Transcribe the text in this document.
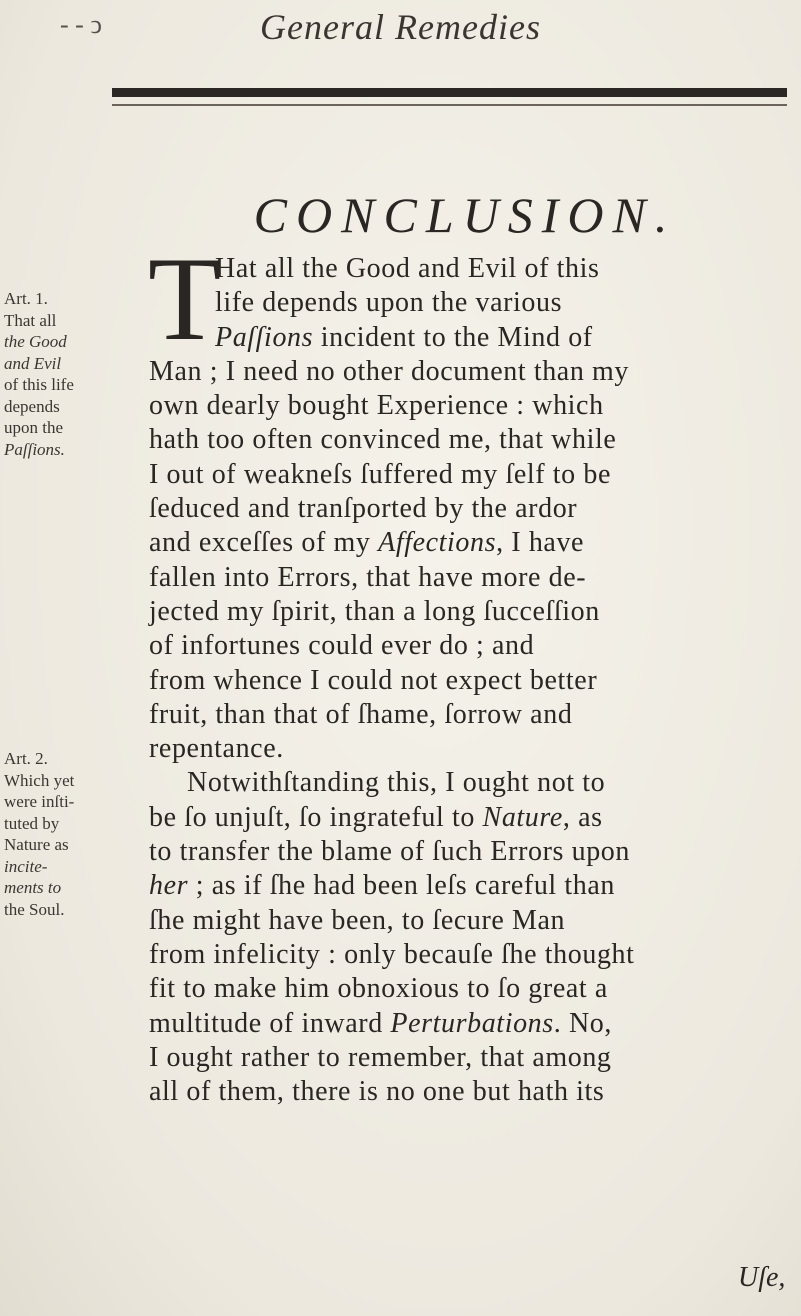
- - ↄ	General Remedies
CONCLUSION.
T
Hat all the Good and Evil of this
life depends upon the various
Paſſions incident to the Mind of
Man ; I need no other document than my
own dearly bought Experience : which
hath too often convinced me, that while
I out of weakneſs ſuffered my ſelf to be
ſeduced and tranſported by the ardor
and exceſſes of my Affections, I have
fallen into Errors, that have more de-
jected my ſpirit, than a long ſucceſſion
of infortunes could ever do ; and
from whence I could not expect better
fruit, than that of ſhame, ſorrow and
repentance.
Notwithſtanding this, I ought not to
be ſo unjuſt, ſo ingrateful to Nature, as
to transfer the blame of ſuch Errors upon
her ; as if ſhe had been leſs careful than
ſhe might have been, to ſecure Man
from infelicity : only becauſe ſhe thought
fit to make him obnoxious to ſo great a
multitude of inward Perturbations. No,
I ought rather to remember, that among
all of them, there is no one but hath its
Uſe,
Art. 1.
That all
the Good
and Evil
of this life
depends
upon the
Paſſions.
Art. 2.
Which yet
were inſti-
tuted by
Nature as
incite-
ments to
the Soul.
